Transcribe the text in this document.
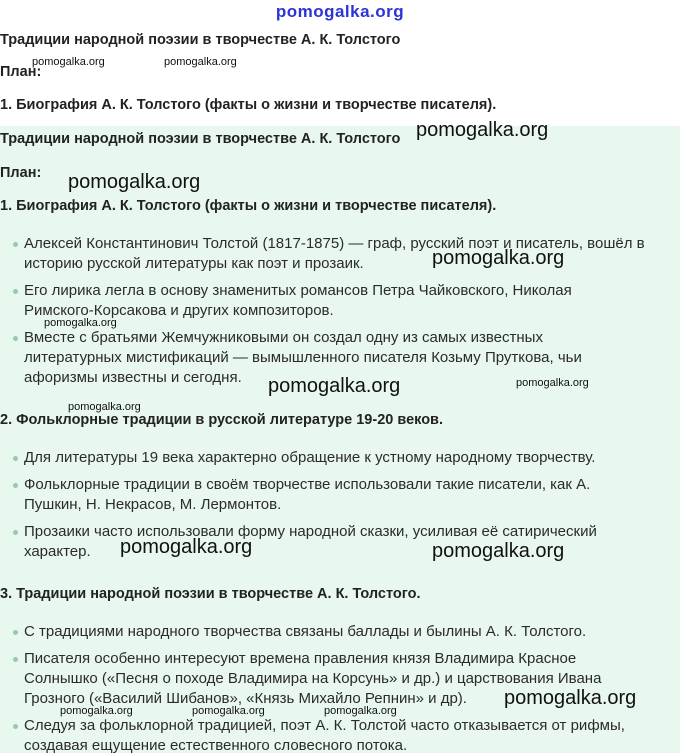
pomogalka.org
Традиции народной поэзии в творчестве А. К. Толстого
План:
1. Биография А. К. Толстого (факты о жизни и творчестве писателя).
Традиции народной поэзии в творчестве А. К. Толстого
План:
1. Биография А. К. Толстого (факты о жизни и творчестве писателя).
Алексей Константинович Толстой (1817-1875) — граф, русский поэт и писатель, вошёл в
историю русской литературы как поэт и прозаик.
Его лирика легла в основу знаменитых романсов Петра Чайковского, Николая
Римского-Корсакова и других композиторов.
Вместе с братьями Жемчужниковыми он создал одну из самых известных
литературных мистификаций — вымышленного писателя Козьму Пруткова, чьи
афоризмы известны и сегодня.
2. Фольклорные традиции в русской литературе 19-20 веков.
Для литературы 19 века характерно обращение к устному народному творчеству.
Фольклорные традиции в своём творчестве использовали такие писатели, как А.
Пушкин, Н. Некрасов, М. Лермонтов.
Прозаики часто использовали форму народной сказки, усиливая её сатирический
характер.
3. Традиции народной поэзии в творчестве А. К. Толстого.
С традициями народного творчества связаны баллады и былины А. К. Толстого.
Писателя особенно интересуют времена правления князя Владимира Красное
Солнышко («Песня о походе Владимира на Корсунь» и др.) и царствования Ивана
Грозного («Василий Шибанов», «Князь Михайло Репнин» и др).
Следуя за фольклорной традицией, поэт А. К. Толстой часто отказывается от рифмы,
создавая ещущение естественного словесного потока.
pomogalka.org	pomogalka.org
pomogalka.org
pomogalka.org
pomogalka.org
pomogalka.org
pomogalka.org	pomogalka.org
pomogalka.org
pomogalka.org	pomogalka.org
pomogalka.org
pomogalka.org	pomogalka.org	pomogalka.org
